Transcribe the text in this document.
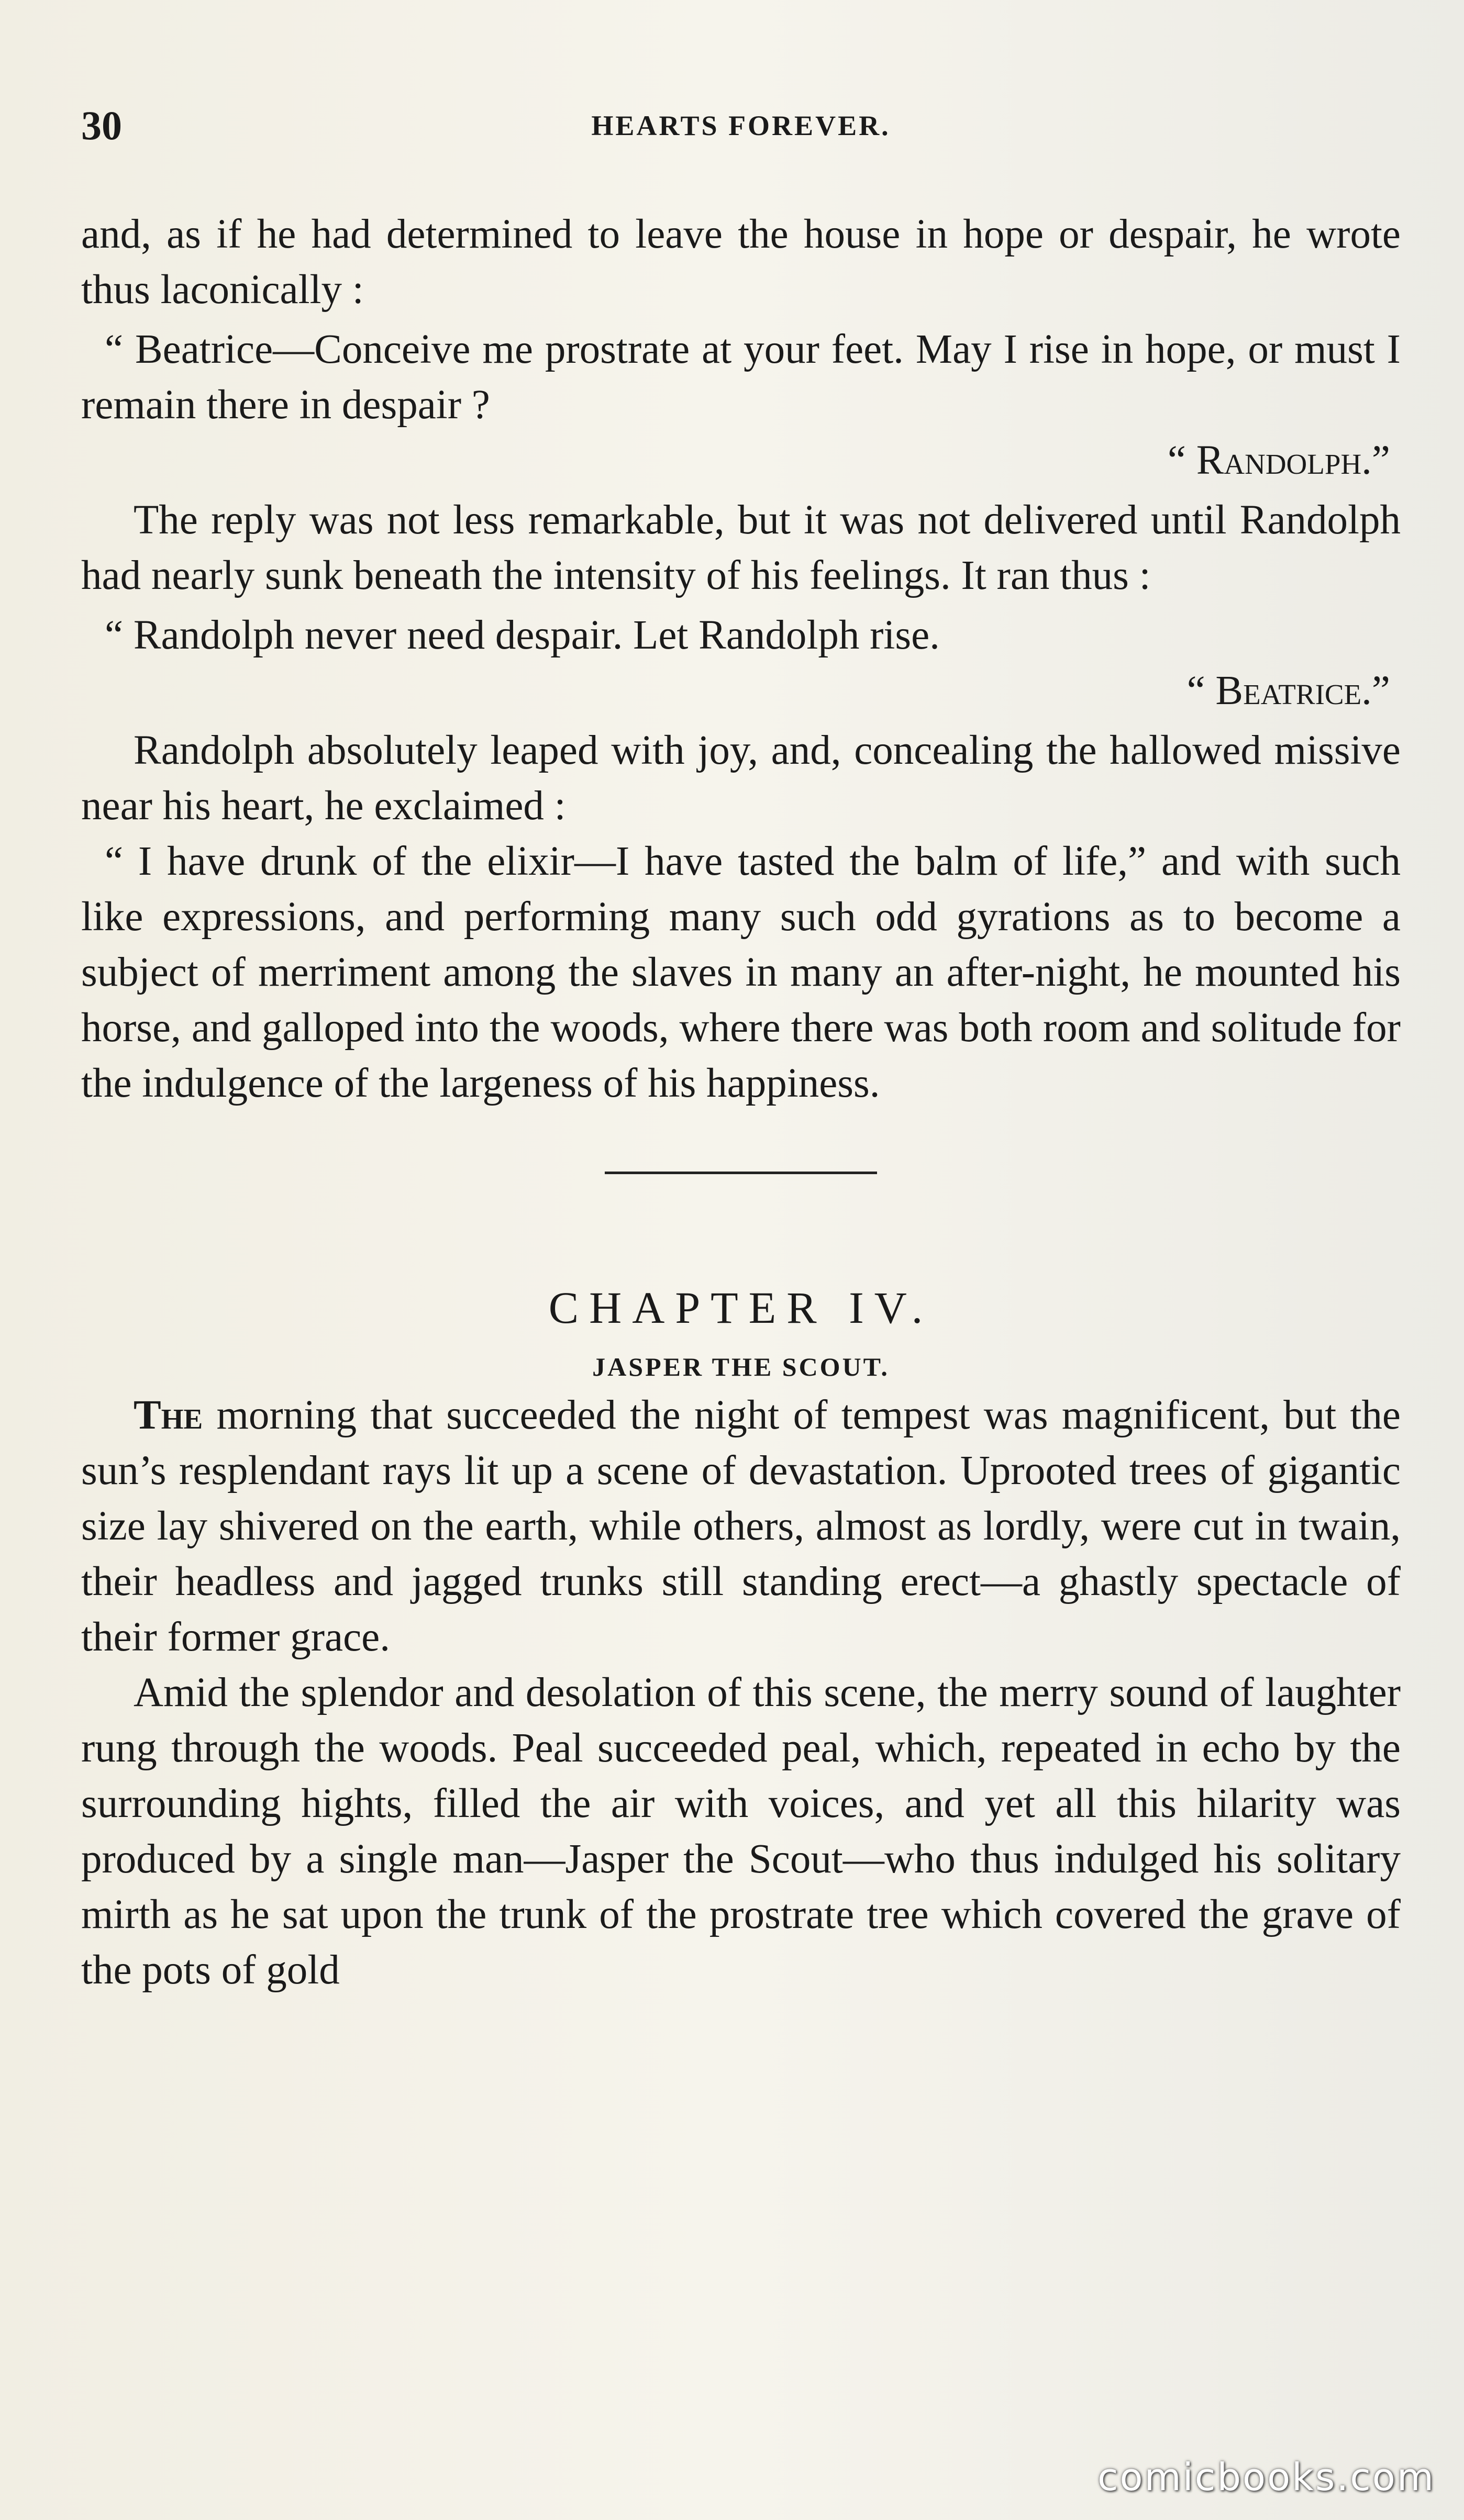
30	HEARTS FOREVER.

and, as if he had determined to leave the house in hope or despair, he wrote thus laconically :

“ Beatrice—Conceive me prostrate at your feet. May I rise in hope, or must I remain there in despair ?

“ Randolph.”

The reply was not less remarkable, but it was not delivered until Randolph had nearly sunk beneath the intensity of his feelings. It ran thus :

“ Randolph never need despair. Let Randolph rise.

“ Beatrice.”

Randolph absolutely leaped with joy, and, concealing the hallowed missive near his heart, he exclaimed :

“ I have drunk of the elixir—I have tasted the balm of life,” and with such like expressions, and performing many such odd gyrations as to become a subject of merriment among the slaves in many an after-night, he mounted his horse, and galloped into the woods, where there was both room and solitude for the indulgence of the largeness of his happiness.

CHAPTER IV.
JASPER THE SCOUT.

The morning that succeeded the night of tempest was magnificent, but the sun’s resplendant rays lit up a scene of devastation. Uprooted trees of gigantic size lay shivered on the earth, while others, almost as lordly, were cut in twain, their headless and jagged trunks still standing erect—a ghastly spectacle of their former grace.

Amid the splendor and desolation of this scene, the merry sound of laughter rung through the woods. Peal succeeded peal, which, repeated in echo by the surrounding hights, filled the air with voices, and yet all this hilarity was produced by a single man—Jasper the Scout—who thus indulged his solitary mirth as he sat upon the trunk of the prostrate tree which covered the grave of the pots of gold

comicbooks.com
